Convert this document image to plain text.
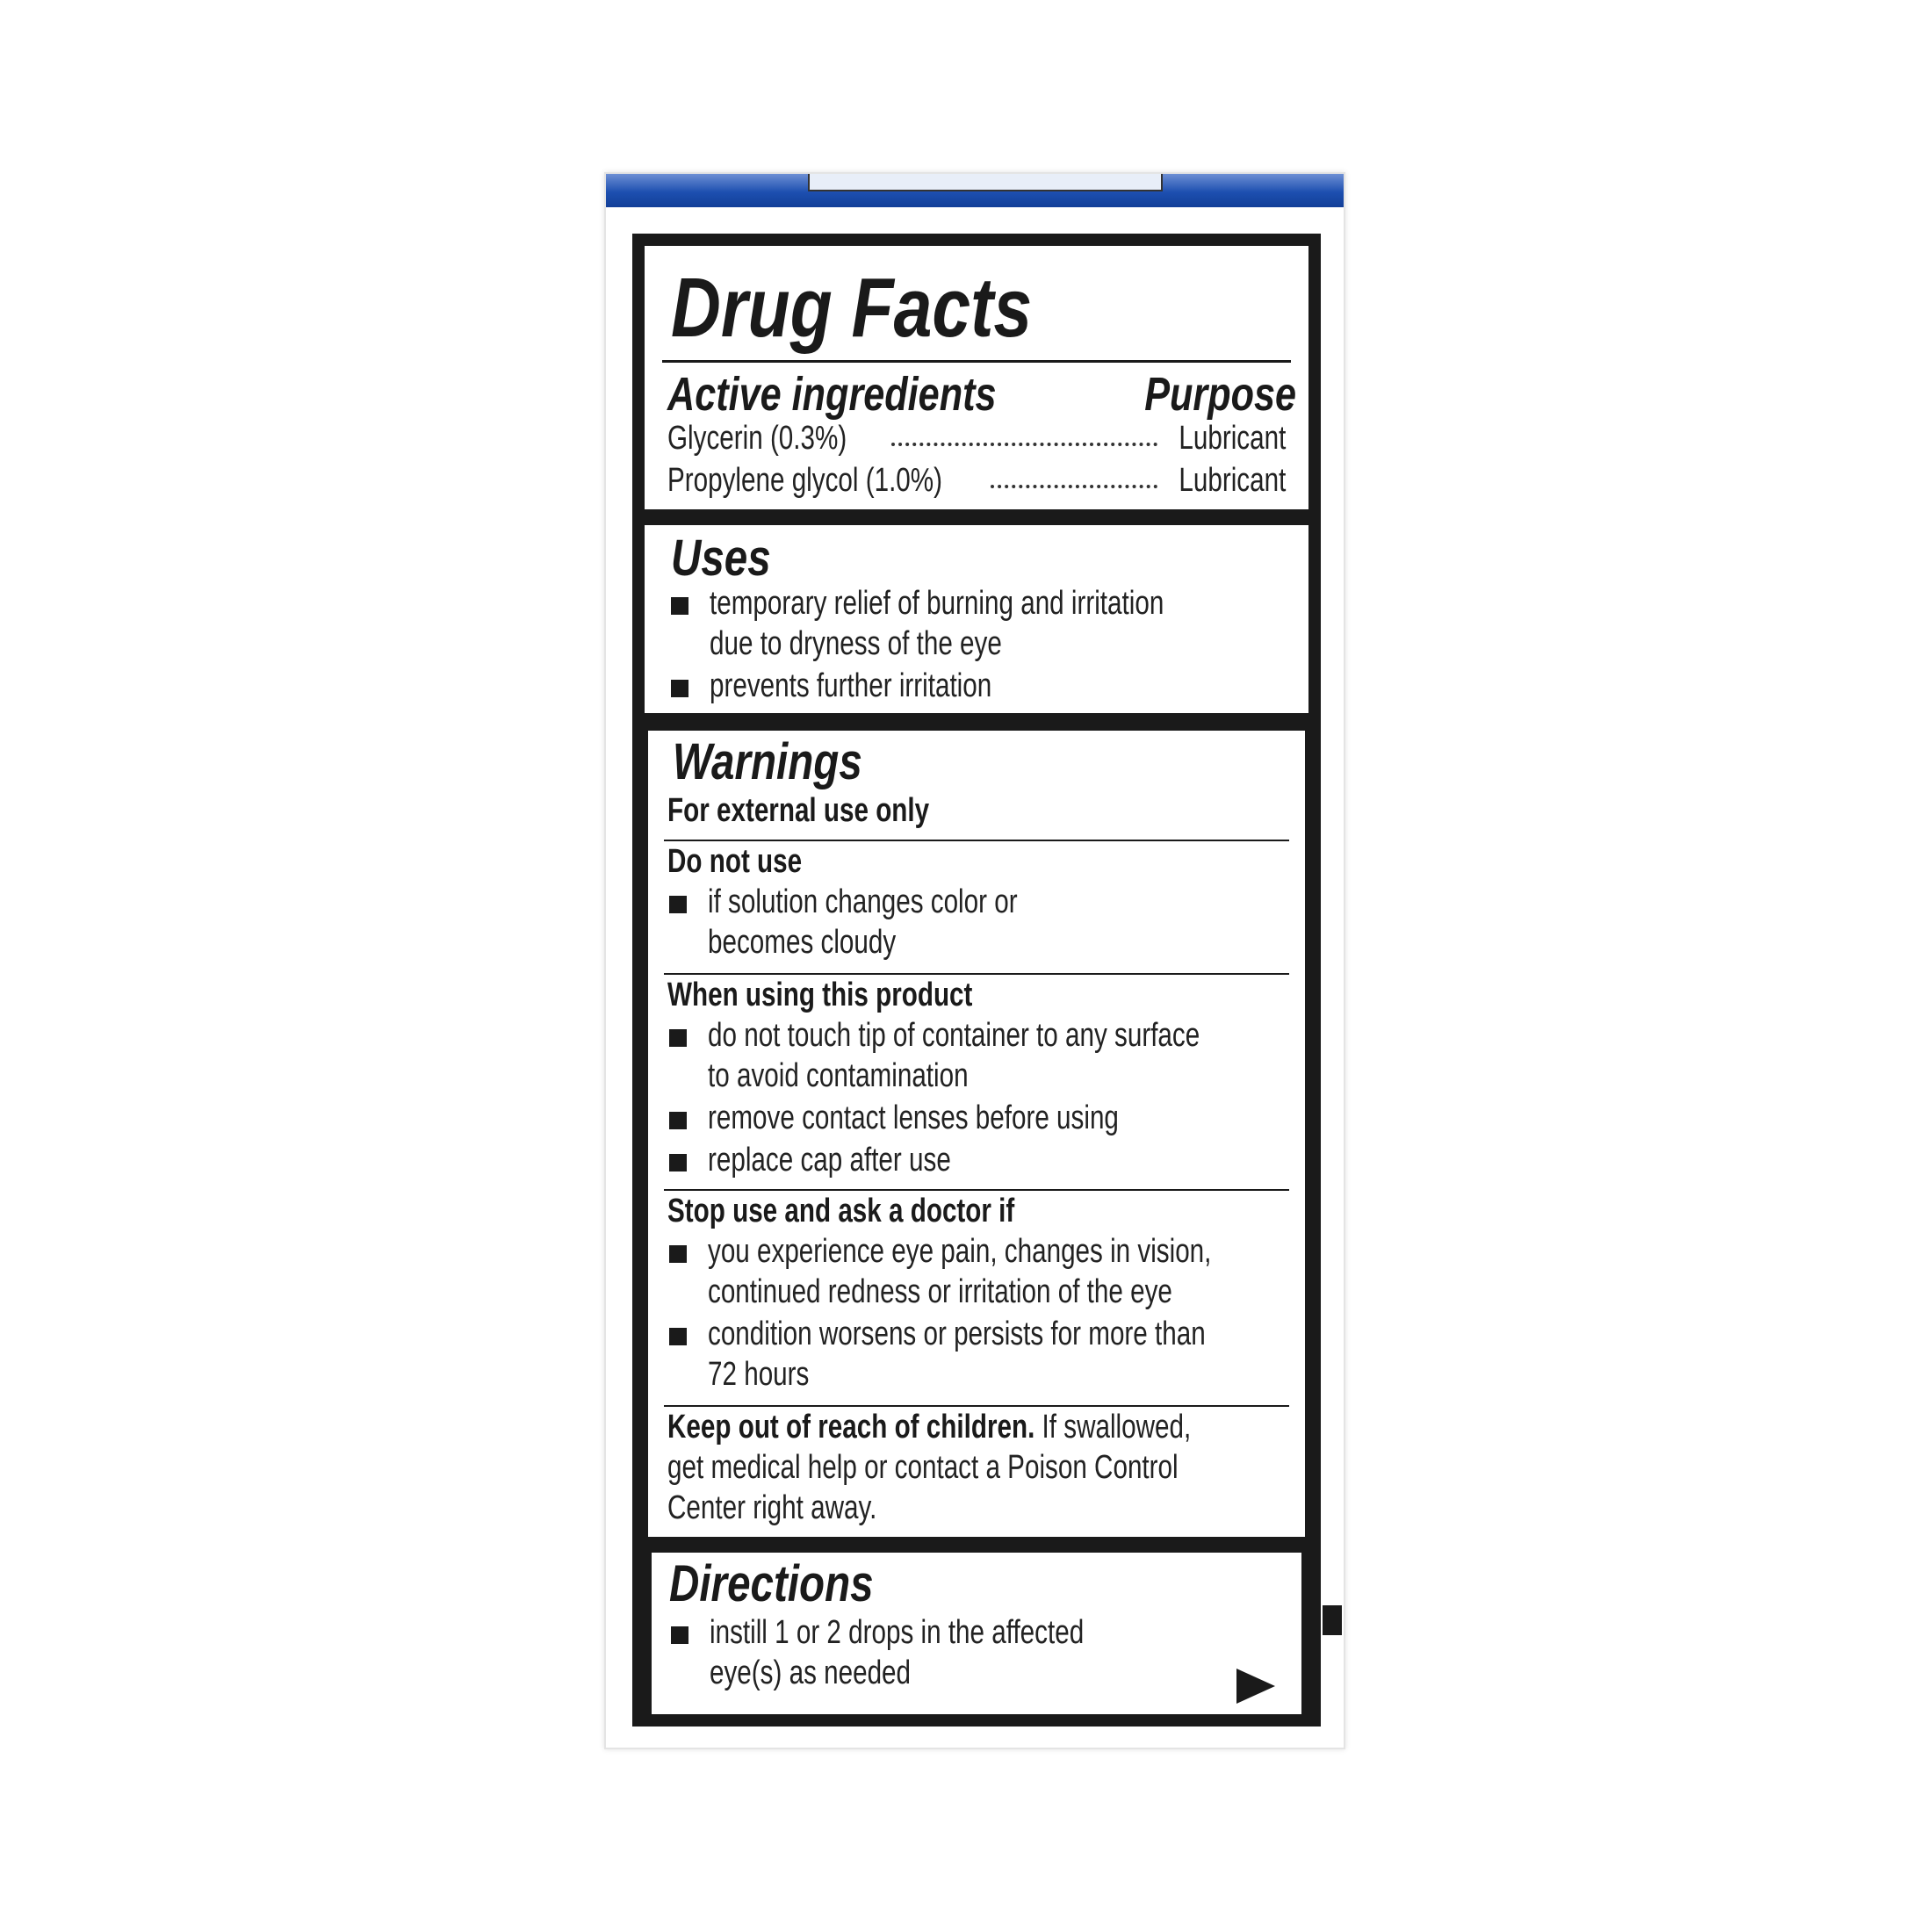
Drug Facts
Active ingredients	Purpose
Glycerin (0.3%)	Lubricant
Propylene glycol (1.0%)	Lubricant
Uses
temporary relief of burning and irritation
due to dryness of the eye
prevents further irritation
Warnings
For external use only
Do not use
if solution changes color or
becomes cloudy
When using this product
do not touch tip of container to any surface
to avoid contamination
remove contact lenses before using
replace cap after use
Stop use and ask a doctor if
you experience eye pain, changes in vision,
continued redness or irritation of the eye
condition worsens or persists for more than
72 hours
Keep out of reach of children. If swallowed,
get medical help or contact a Poison Control
Center right away.
Directions
instill 1 or 2 drops in the affected
eye(s) as needed
